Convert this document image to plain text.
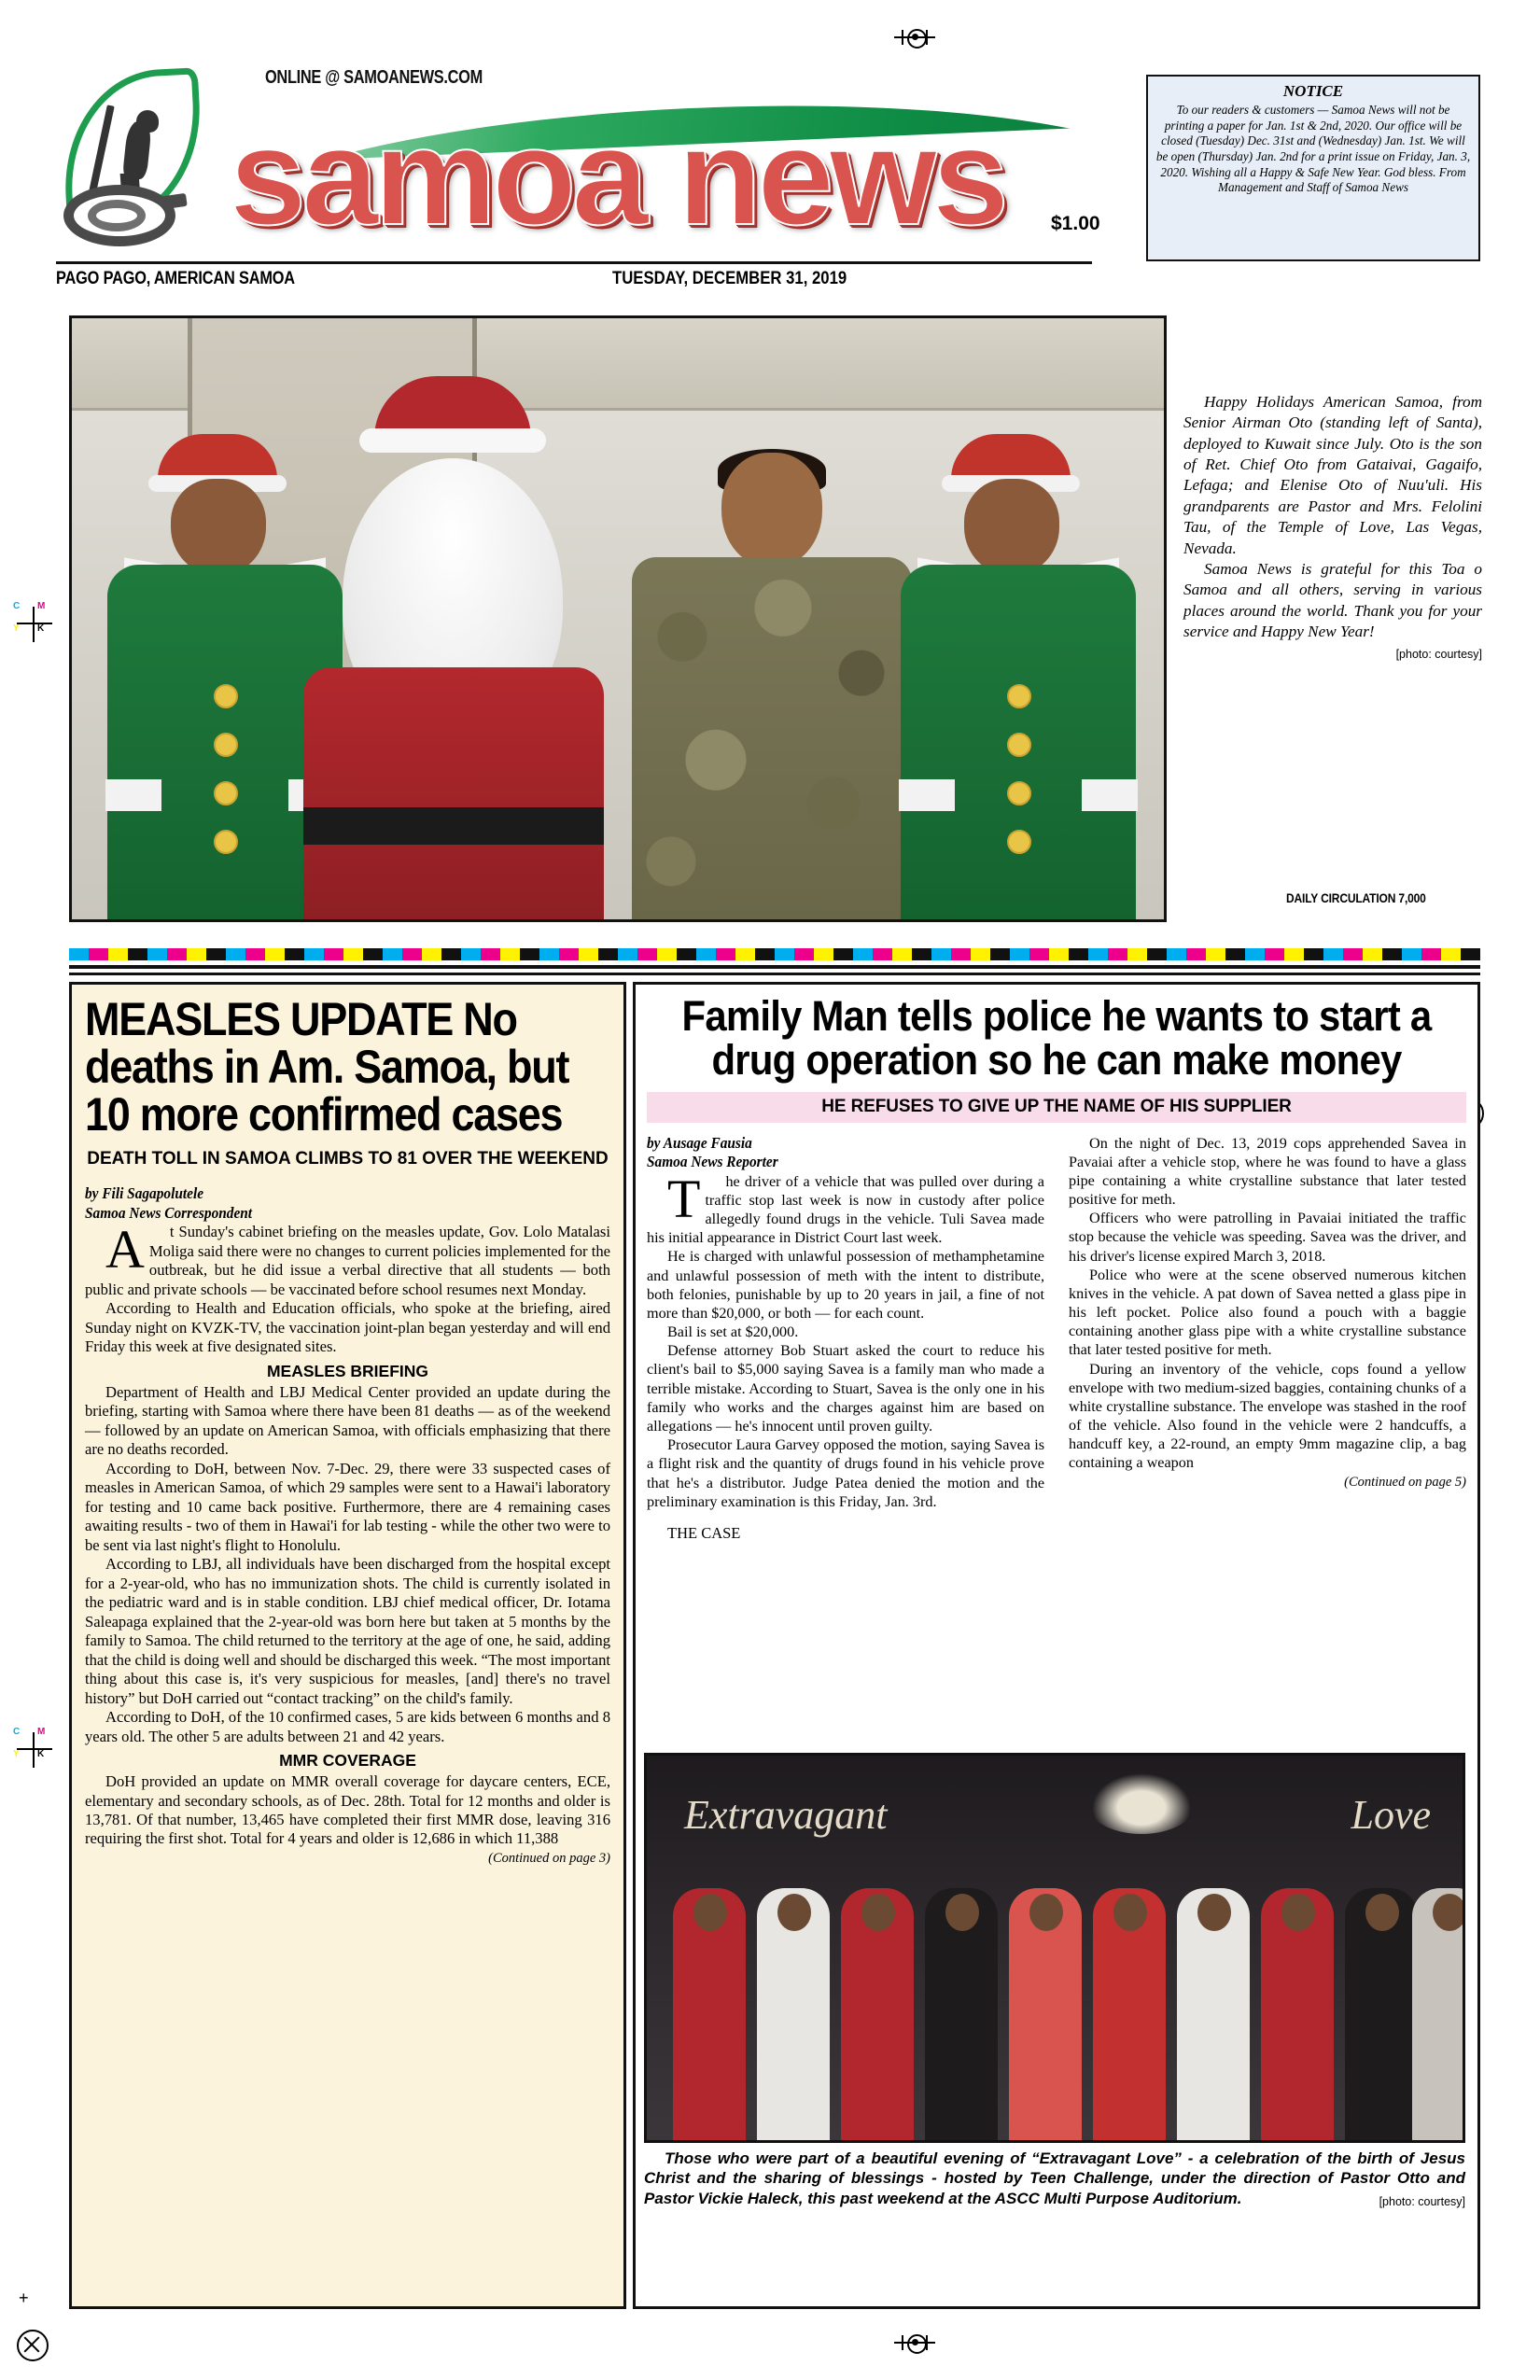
C M
Y K
C M
Y K
+
ONLINE @ SAMOANEWS.COM
samoa news
PAGO PAGO, AMERICAN SAMOA	TUESDAY, DECEMBER 31, 2019
$1.00
NOTICE
To our readers & customers — Samoa News will not be printing a paper for Jan. 1st & 2nd, 2020. Our office will be closed (Tuesday) Dec. 31st and (Wednesday) Jan. 1st. We will be open (Thursday) Jan. 2nd for a print issue on Friday, Jan. 3, 2020. Wishing all a Happy & Safe New Year. God bless. From Management and Staff of Samoa News

Happy Holidays American Samoa, from Senior Airman Oto (standing left of Santa), deployed to Kuwait since July. Oto is the son of Ret. Chief Oto from Gataivai, Gagaifo, Lefaga; and Elenise Oto of Nuu'uli. His grandparents are Pastor and Mrs. Felolini Tau, of the Temple of Love, Las Vegas, Nevada.

Samoa News is grateful for this Toa o Samoa and all others, serving in various places around the world. Thank you for your service and Happy New Year!

[photo: courtesy]
DAILY CIRCULATION 7,000
MEASLES UPDATE No deaths in Am. Samoa, but 10 more confirmed cases
DEATH TOLL IN SAMOA CLIMBS TO 81 OVER THE WEEKEND
by Fili Sagapolutele
Samoa News Correspondent

At Sunday's cabinet briefing on the measles update, Gov. Lolo Matalasi Moliga said there were no changes to current policies implemented for the outbreak, but he did issue a verbal directive that all students — both public and private schools — be vaccinated before school resumes next Monday.

According to Health and Education officials, who spoke at the briefing, aired Sunday night on KVZK-TV, the vaccination joint-plan began yesterday and will end Friday this week at five designated sites.

MEASLES BRIEFING

Department of Health and LBJ Medical Center provided an update during the briefing, starting with Samoa where there have been 81 deaths — as of the weekend — followed by an update on American Samoa, with officials emphasizing that there are no deaths recorded.

According to DoH, between Nov. 7-Dec. 29, there were 33 suspected cases of measles in American Samoa, of which 29 samples were sent to a Hawai'i laboratory for testing and 10 came back positive. Furthermore, there are 4 remaining cases awaiting results - two of them in Hawai'i for lab testing - while the other two were to be sent via last night's flight to Honolulu.

According to LBJ, all individuals have been discharged from the hospital except for a 2-year-old, who has no immunization shots. The child is currently isolated in the pediatric ward and is in stable condition. LBJ chief medical officer, Dr. Iotama Saleapaga explained that the 2-year-old was born here but taken at 5 months by the family to Samoa. The child returned to the territory at the age of one, he said, adding that the child is doing well and should be discharged this week. “The most important thing about this case is, it's very suspicious for measles, [and] there's no travel history” but DoH carried out “contact tracking” on the child's family.

According to DoH, of the 10 confirmed cases, 5 are kids between 6 months and 8 years old. The other 5 are adults between 21 and 42 years.

MMR COVERAGE

DoH provided an update on MMR overall coverage for daycare centers, ECE, elementary and secondary schools, as of Dec. 28th. Total for 12 months and older is 13,781. Of that number, 13,465 have completed their first MMR dose, leaving 316 requiring the first shot. Total for 4 years and older is 12,686 in which 11,388

(Continued on page 3)
Family Man tells police he wants to start a drug operation so he can make money
HE REFUSES TO GIVE UP THE NAME OF HIS SUPPLIER
by Ausage Fausia
Samoa News Reporter

The driver of a vehicle that was pulled over during a traffic stop last week is now in custody after police allegedly found drugs in the vehicle. Tuli Savea made his initial appearance in District Court last week.

He is charged with unlawful possession of methamphetamine and unlawful possession of meth with the intent to distribute, both felonies, punishable by up to 20 years in jail, a fine of not more than $20,000, or both — for each count.

Bail is set at $20,000.

Defense attorney Bob Stuart asked the court to reduce his client's bail to $5,000 saying Savea is a family man who made a terrible mistake. According to Stuart, Savea is the only one in his family who works and the charges against him are based on allegations — he's innocent until proven guilty.

Prosecutor Laura Garvey opposed the motion, saying Savea is a flight risk and the quantity of drugs found in his vehicle prove that he's a distributor. Judge Patea denied the motion and the preliminary examination is this Friday, Jan. 3rd.

THE CASE

On the night of Dec. 13, 2019 cops apprehended Savea in Pavaiai after a vehicle stop, where he was found to have a glass pipe containing a white crystalline substance that later tested positive for meth.

Officers who were patrolling in Pavaiai initiated the traffic stop because the vehicle was speeding. Savea was the driver, and his driver's license expired March 3, 2018.

Police who were at the scene observed numerous kitchen knives in the vehicle. A pat down of Savea netted a glass pipe in his left pocket. Police also found a pouch with a baggie containing another glass pipe with a white crystalline substance that later tested positive for meth.

During an inventory of the vehicle, cops found a yellow envelope with two medium-sized baggies, containing chunks of a white crystalline substance. The envelope was stashed in the roof of the vehicle. Also found in the vehicle were 2 handcuffs, a handcuff key, a 22-round, an empty 9mm magazine clip, a bag containing a weapon

(Continued on page 5)
Extravagant	Love
Those who were part of a beautiful evening of “Extravagant Love” - a celebration of the birth of Jesus Christ and the sharing of blessings - hosted by Teen Challenge, under the direction of Pastor Otto and Pastor Vickie Haleck, this past weekend at the ASCC Multi Purpose Auditorium.	[photo: courtesy]
